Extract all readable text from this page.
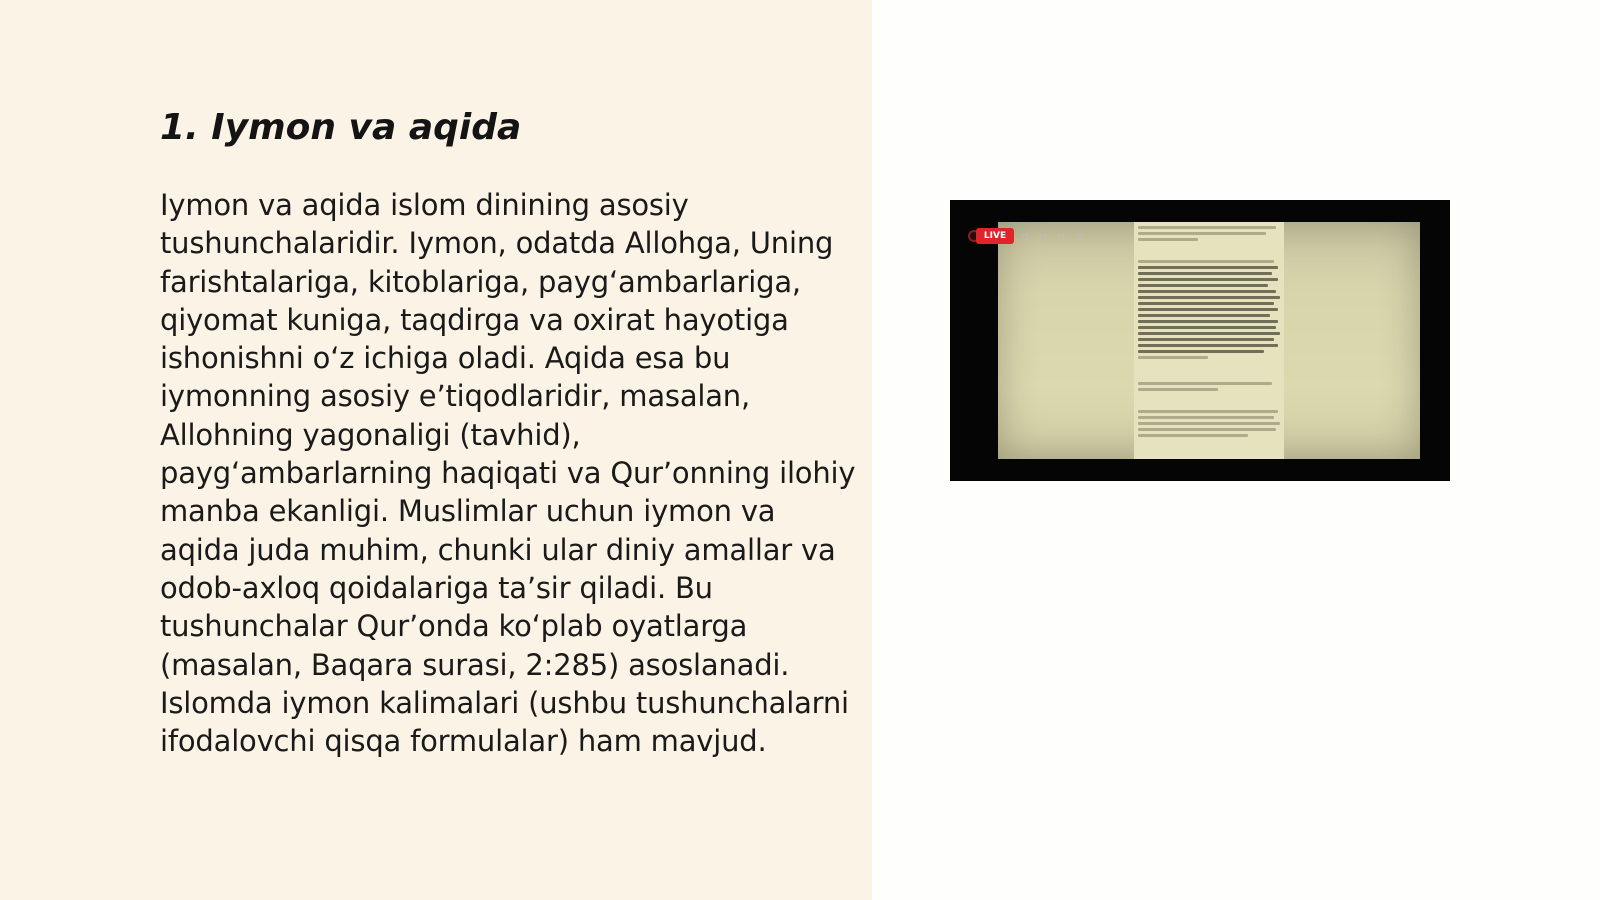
1. Iymon va aqida

Iymon va aqida islom dinining asosiy tushunchalaridir. Iymon, odatda Allohga, Uning farishtalariga, kitoblariga, payg‘ambarlariga, qiyomat kuniga, taqdirga va oxirat hayotiga ishonishni o‘z ichiga oladi. Aqida esa bu iymonning asosiy e’tiqodlaridir, masalan, Allohning yagonaligi (tavhid), payg‘ambarlarning haqiqati va Qur’onning ilohiy manba ekanligi. Muslimlar uchun iymon va aqida juda muhim, chunki ular diniy amallar va odob-axloq qoidalariga ta’sir qiladi. Bu tushunchalar Qur’onda ko‘plab oyatlarga (masalan, Baqara surasi, 2:285) asoslanadi. Islomda iymon kalimalari (ushbu tushunchalarni ifodalovchi qisqa formulalar) ham mavjud.

LIVE
